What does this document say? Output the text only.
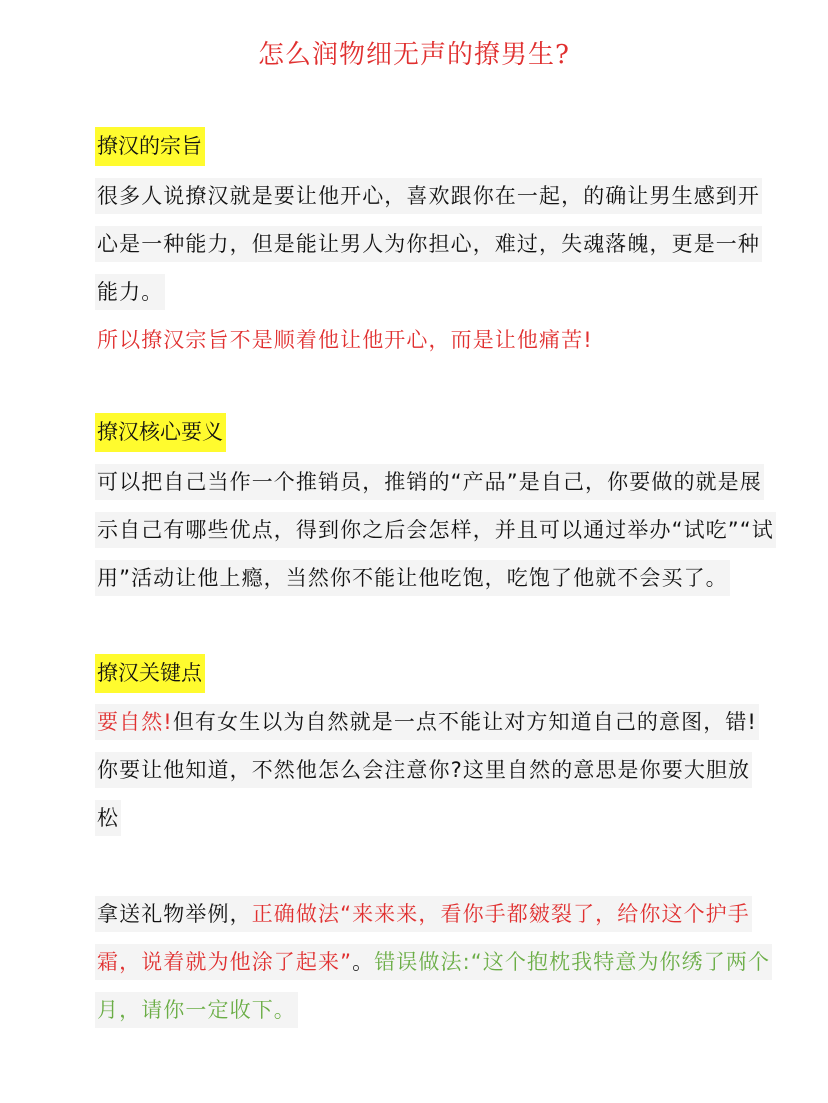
怎么润物细无声的撩男生?
撩汉的宗旨
很多人说撩汉就是要让他开心，喜欢跟你在一起，的确让男生感到开
心是一种能力，但是能让男人为你担心，难过，失魂落魄，更是一种
能力。
所以撩汉宗旨不是顺着他让他开心，而是让他痛苦!
撩汉核心要义
可以把自己当作一个推销员，推销的“产品”是自己，你要做的就是展
示自己有哪些优点，得到你之后会怎样，并且可以通过举办“试吃”“试
用”活动让他上瘾，当然你不能让他吃饱，吃饱了他就不会买了。
撩汉关键点
要自然!但有女生以为自然就是一点不能让对方知道自己的意图，错!
你要让他知道，不然他怎么会注意你?这里自然的意思是你要大胆放
松
拿送礼物举例，正确做法“来来来，看你手都皴裂了，给你这个护手
霜，说着就为他涂了起来”。错误做法:“这个抱枕我特意为你绣了两个
月，请你一定收下。
